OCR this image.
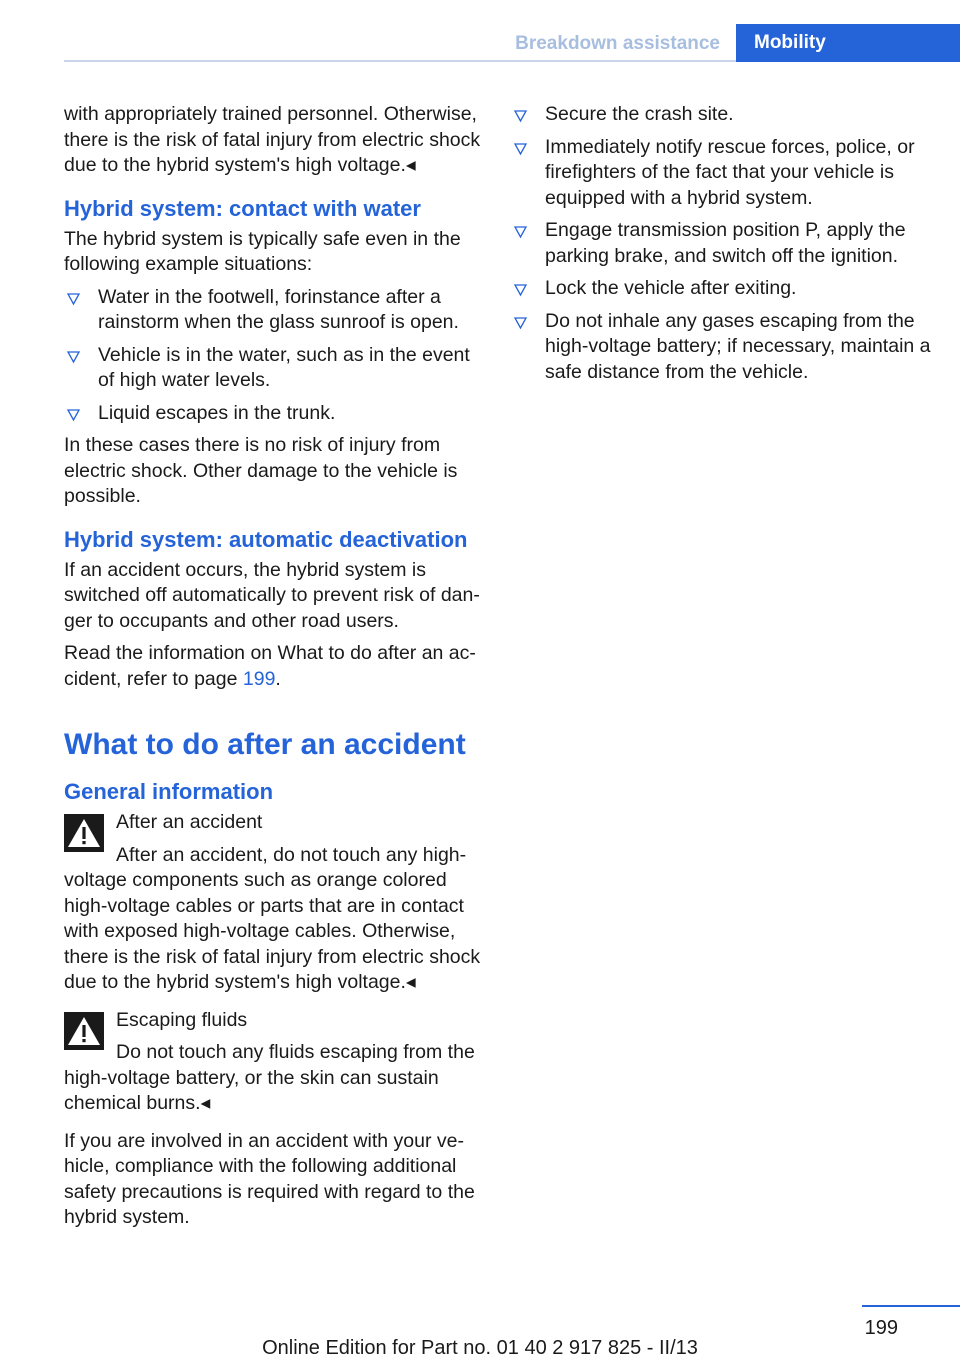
Breakdown assistance	Mobility

with appropriately trained personnel. Otherwise, there is the risk of fatal injury from electric shock due to the hybrid system's high voltage.◂

Hybrid system: contact with water

The hybrid system is typically safe even in the following example situations:

Water in the footwell, forinstance after a rainstorm when the glass sunroof is open.
Vehicle is in the water, such as in the event of high water levels.
Liquid escapes in the trunk.

In these cases there is no risk of injury from electric shock. Other damage to the vehicle is possible.

Hybrid system: automatic deactivation

If an accident occurs, the hybrid system is switched off automatically to prevent risk of danger to occupants and other road users.

Read the information on What to do after an accident, refer to page 199.

What to do after an accident
General information

After an accident

After an accident, do not touch any high-voltage components such as orange colored high-voltage cables or parts that are in contact with exposed high-voltage cables. Otherwise, there is the risk of fatal injury from electric shock due to the hybrid system's high voltage.◂

Escaping fluids

Do not touch any fluids escaping from the high-voltage battery, or the skin can sustain chemical burns.◂

If you are involved in an accident with your vehicle, compliance with the following additional safety precautions is required with regard to the hybrid system.

Secure the crash site.
Immediately notify rescue forces, police, or firefighters of the fact that your vehicle is equipped with a hybrid system.
Engage transmission position P, apply the parking brake, and switch off the ignition.
Lock the vehicle after exiting.
Do not inhale any gases escaping from the high-voltage battery; if necessary, maintain a safe distance from the vehicle.
199
Online Edition for Part no. 01 40 2 917 825 - II/13
